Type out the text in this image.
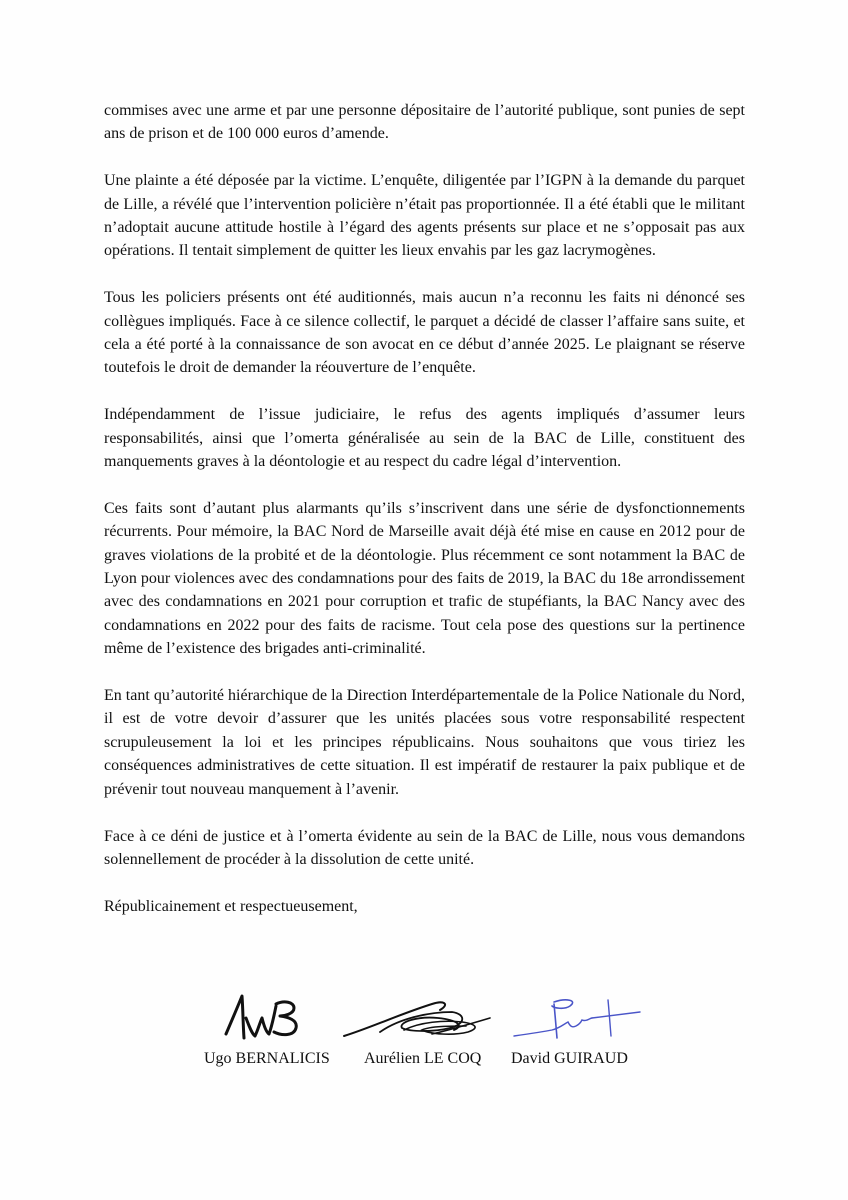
commises avec une arme et par une personne dépositaire de l’autorité publique, sont punies de sept ans de prison et de 100 000 euros d’amende.

Une plainte a été déposée par la victime. L’enquête, diligentée par l’IGPN à la demande du parquet de Lille, a révélé que l’intervention policière n’était pas proportionnée. Il a été établi que le militant n’adoptait aucune attitude hostile à l’égard des agents présents sur place et ne s’opposait pas aux opérations. Il tentait simplement de quitter les lieux envahis par les gaz lacrymogènes.

Tous les policiers présents ont été auditionnés, mais aucun n’a reconnu les faits ni dénoncé ses collègues impliqués. Face à ce silence collectif, le parquet a décidé de classer l’affaire sans suite, et cela a été porté à la connaissance de son avocat en ce début d’année 2025. Le plaignant se réserve toutefois le droit de demander la réouverture de l’enquête.

Indépendamment de l’issue judiciaire, le refus des agents impliqués d’assumer leurs responsabilités, ainsi que l’omerta généralisée au sein de la BAC de Lille, constituent des manquements graves à la déontologie et au respect du cadre légal d’intervention.

Ces faits sont d’autant plus alarmants qu’ils s’inscrivent dans une série de dysfonctionnements récurrents. Pour mémoire, la BAC Nord de Marseille avait déjà été mise en cause en 2012 pour de graves violations de la probité et de la déontologie. Plus récemment ce sont notamment la BAC de Lyon pour violences avec des condamnations pour des faits de 2019, la BAC du 18e arrondissement avec des condamnations en 2021 pour corruption et trafic de stupéfiants, la BAC Nancy avec des condamnations en 2022 pour des faits de racisme. Tout cela pose des questions sur la pertinence même de l’existence des brigades anti-criminalité.

En tant qu’autorité hiérarchique de la Direction Interdépartementale de la Police Nationale du Nord, il est de votre devoir d’assurer que les unités placées sous votre responsabilité respectent scrupuleusement la loi et les principes républicains. Nous souhaitons que vous tiriez les conséquences administratives de cette situation. Il est impératif de restaurer la paix publique et de prévenir tout nouveau manquement à l’avenir.

Face à ce déni de justice et à l’omerta évidente au sein de la BAC de Lille, nous vous demandons solennellement de procéder à la dissolution de cette unité.

Républicainement et respectueusement,

Ugo BERNALICIS Aurélien LE COQ David GUIRAUD
